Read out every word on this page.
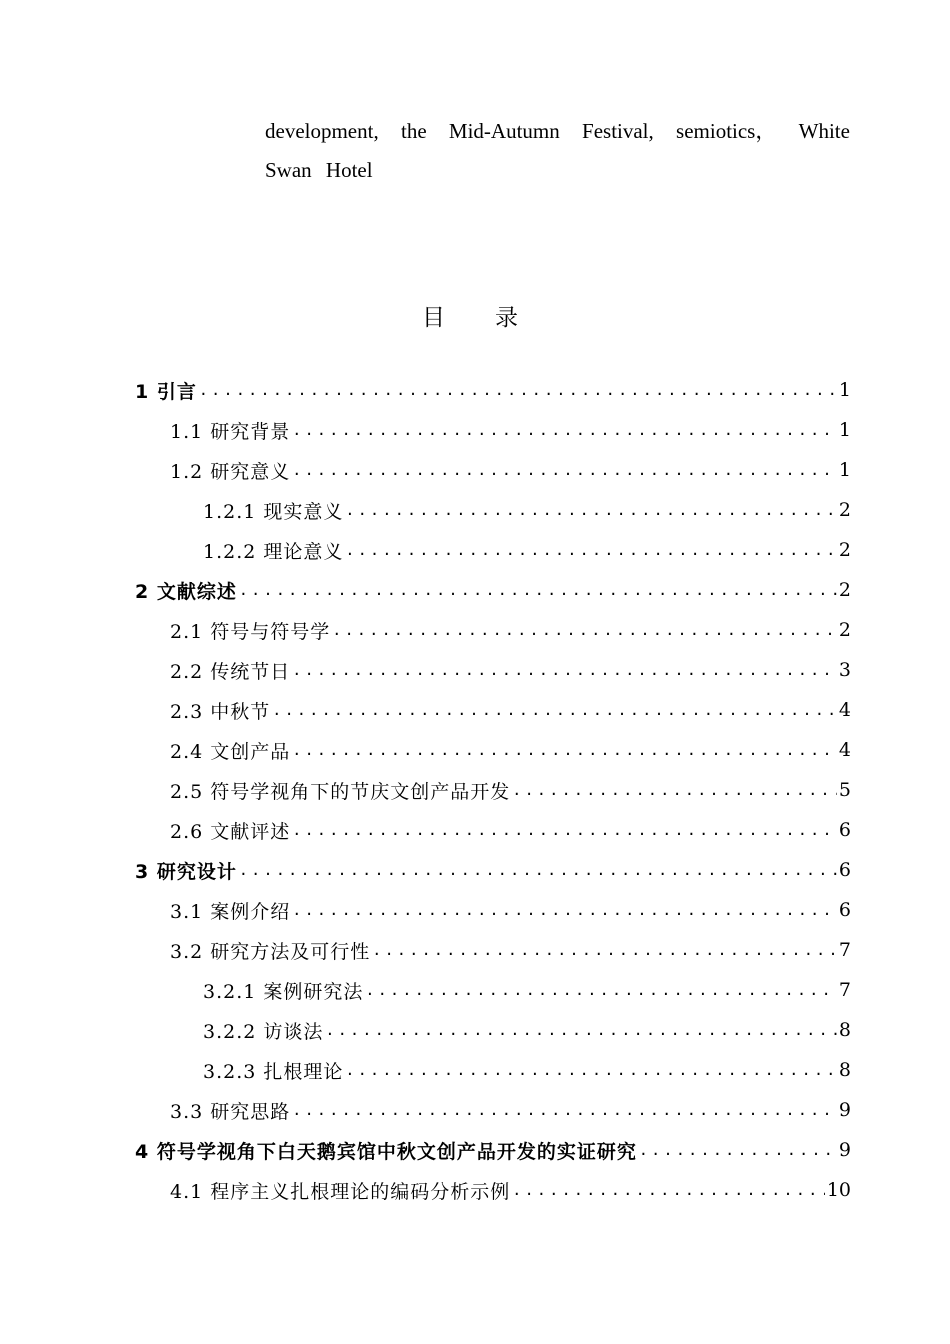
development, the Mid-Autumn Festival, semiotics， White
Swan Hotel
目录
1 引言 .....	1
1.1 研究背景 .....	1
1.2 研究意义 .....	1
1.2.1 现实意义 .....	2
1.2.2 理论意义 .....	2
2 文献综述 .....	2
2.1 符号与符号学 .....	2
2.2 传统节日 .....	3
2.3 中秋节 .....	4
2.4 文创产品 .....	4
2.5 符号学视角下的节庆文创产品开发 .....	5
2.6 文献评述 .....	6
3 研究设计 .....	6
3.1 案例介绍 .....	6
3.2 研究方法及可行性 .....	7
3.2.1 案例研究法 .....	7
3.2.2 访谈法 .....	8
3.2.3 扎根理论 .....	8
3.3 研究思路 .....	9
4 符号学视角下白天鹅宾馆中秋文创产品开发的实证研究 .....	9
4.1 程序主义扎根理论的编码分析示例 .....	10
